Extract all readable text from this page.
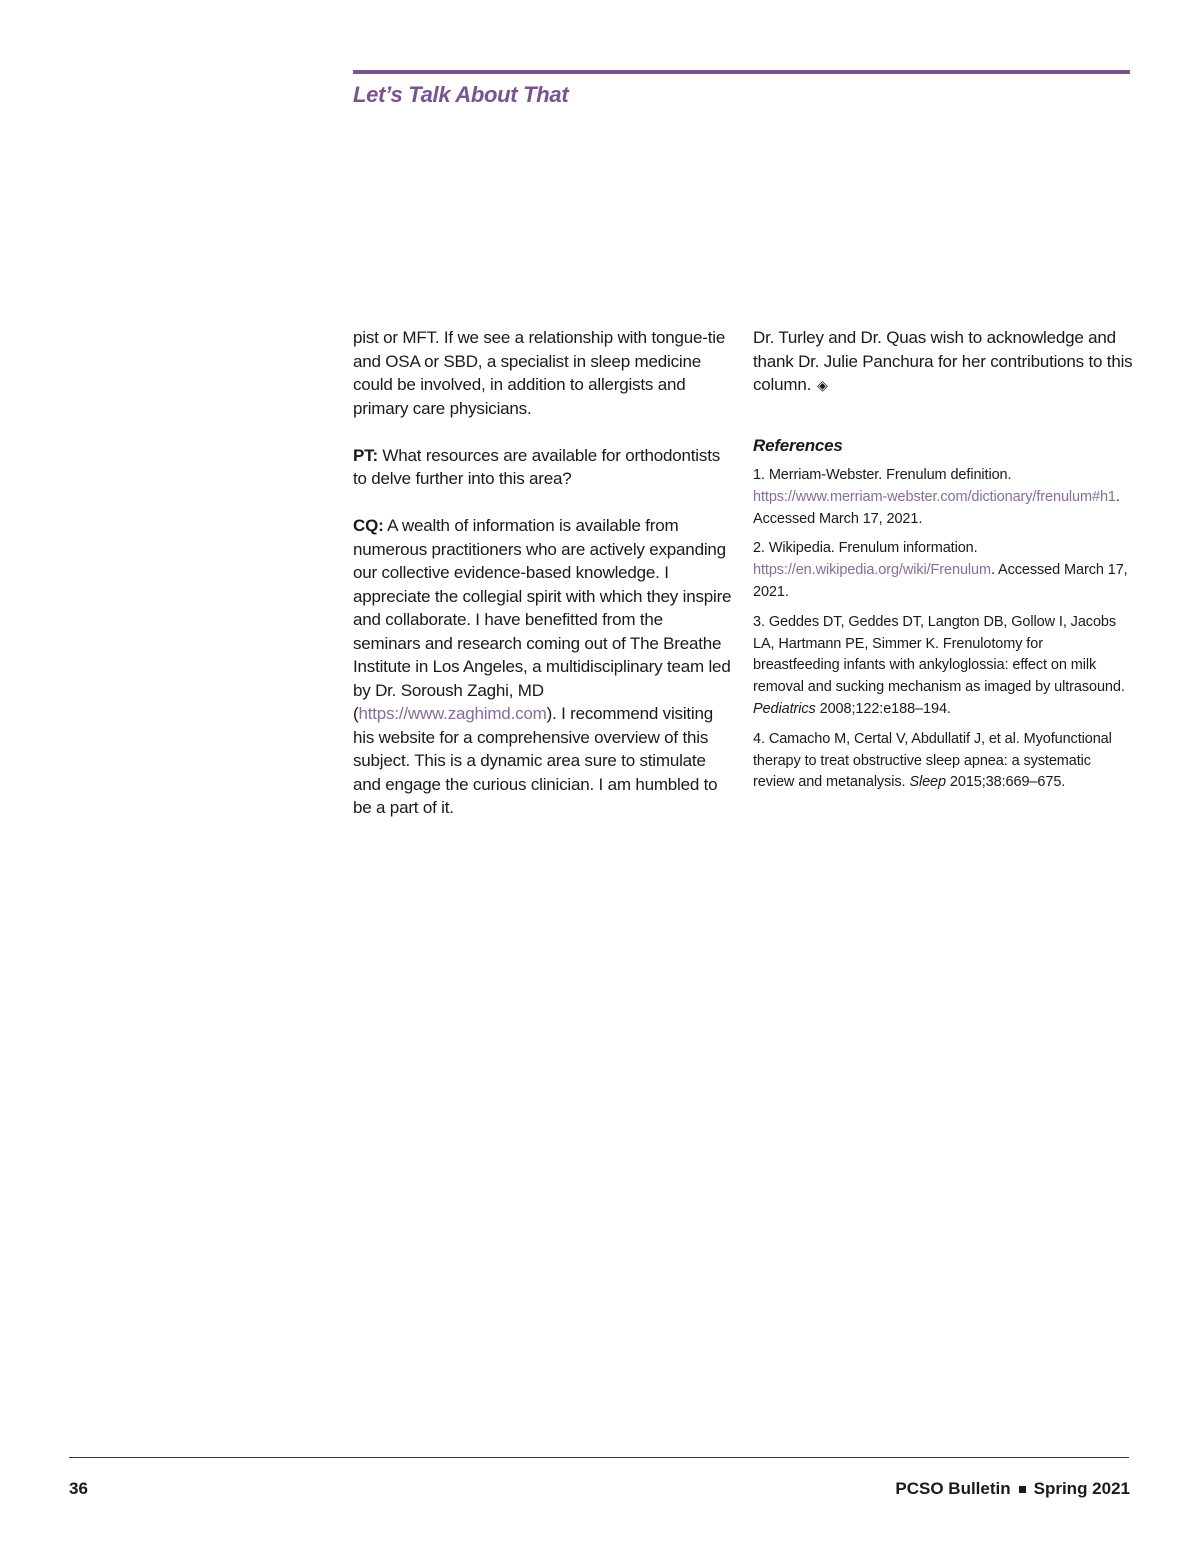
Let’s Talk About That

pist or MFT. If we see a relationship with tongue-tie and OSA or SBD, a specialist in sleep medicine could be involved, in addition to allergists and primary care physicians.

PT: What resources are available for orthodontists to delve further into this area?

CQ: A wealth of information is available from numerous practitioners who are actively expanding our collective evidence-based knowledge. I appreciate the collegial spirit with which they inspire and collaborate. I have benefitted from the seminars and research coming out of The Breathe Institute in Los Angeles, a multidisciplinary team led by Dr. Soroush Zaghi, MD (https://www.zaghimd.com). I recommend visiting his website for a comprehensive overview of this subject. This is a dynamic area sure to stimulate and engage the curious clinician. I am humbled to be a part of it.

Dr. Turley and Dr. Quas wish to acknowledge and thank Dr. Julie Panchura for her contributions to this column. ◈

References

1. Merriam-Webster. Frenulum definition. https://www.merriam-webster.com/dictionary/frenulum#h1. Accessed March 17, 2021.

2. Wikipedia. Frenulum information. https://en.wikipedia.org/wiki/Frenulum. Accessed March 17, 2021.

3. Geddes DT, Geddes DT, Langton DB, Gollow I, Jacobs LA, Hartmann PE, Simmer K. Frenulotomy for breastfeeding infants with ankyloglossia: effect on milk removal and sucking mechanism as imaged by ultrasound. Pediatrics 2008;122:e188–194.

4. Camacho M, Certal V, Abdullatif J, et al. Myofunctional therapy to treat obstructive sleep apnea: a systematic review and metanalysis. Sleep 2015;38:669–675.

36	PCSO Bulletin Spring 2021
